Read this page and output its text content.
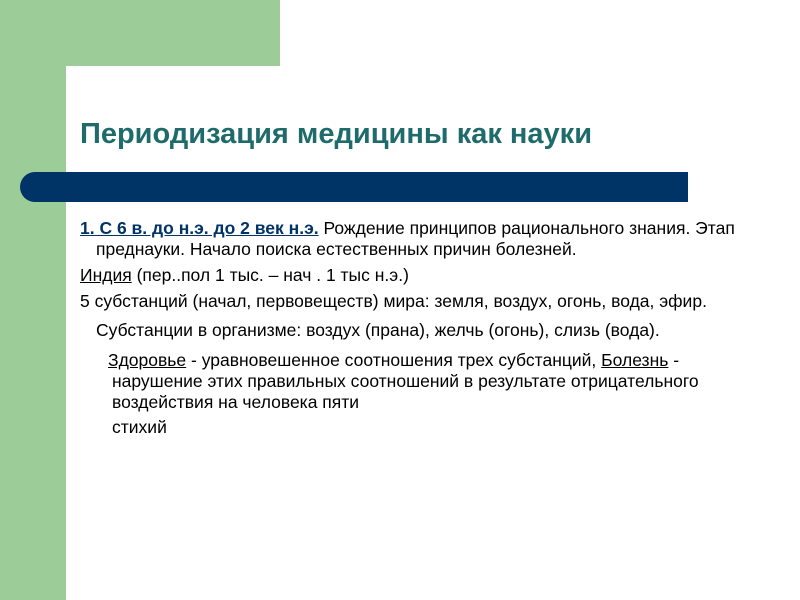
Периодизация медицины как науки

1. С 6 в. до н.э. до 2 век н.э. Рождение принципов рационального знания. Этап преднауки. Начало поиска естественных причин болезней.

Индия (пер..пол 1 тыс. – нач . 1 тыс н.э.)

5 субстанций (начал, первовеществ) мира: земля, воздух, огонь, вода, эфир.

Субстанции в организме: воздух (прана), желчь (огонь), слизь (вода).

Здоровье - уравновешенное соотношения трех субстанций, Болезнь - нарушение этих правильных соотношений в результате отрицательного воздействия на человека пяти

стихий
